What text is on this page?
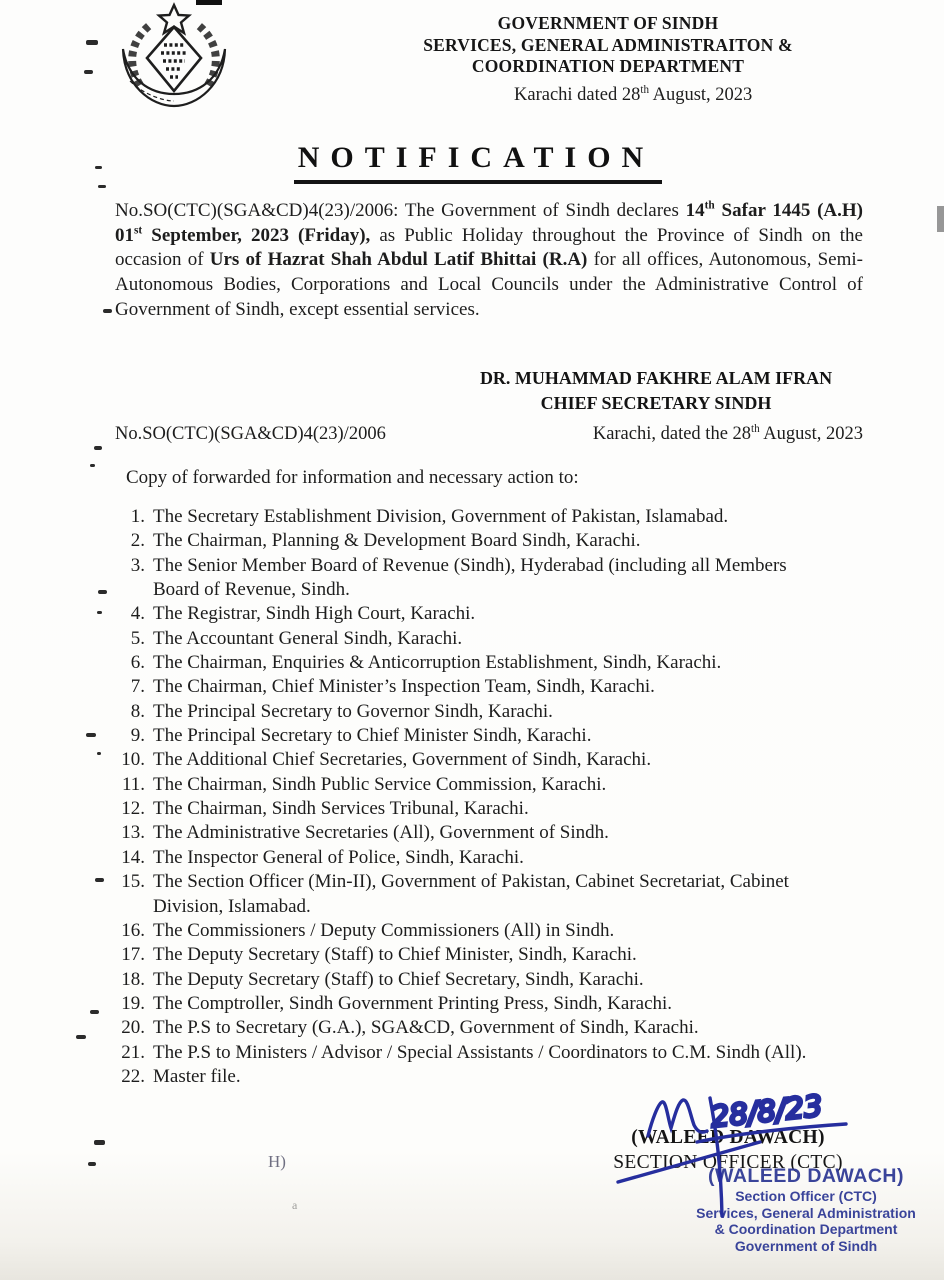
GOVERNMENT OF SINDH
SERVICES, GENERAL ADMINISTRAITON &
COORDINATION DEPARTMENT
Karachi dated 28th August, 2023
NOTIFICATION

No.SO(CTC)(SGA&CD)4(23)/2006: The Government of Sindh declares 14th Safar 1445 (A.H) 01st September, 2023 (Friday), as Public Holiday throughout the Province of Sindh on the occasion of Urs of Hazrat Shah Abdul Latif Bhittai (R.A) for all offices, Autonomous, Semi-Autonomous Bodies, Corporations and Local Councils under the Administrative Control of Government of Sindh, except essential services.

DR. MUHAMMAD FAKHRE ALAM IFRAN
CHIEF SECRETARY SINDH
No.SO(CTC)(SGA&CD)4(23)/2006	Karachi, dated the 28th August, 2023
Copy of forwarded for information and necessary action to:
The Secretary Establishment Division, Government of Pakistan, Islamabad.
The Chairman, Planning & Development Board Sindh, Karachi.
The Senior Member Board of Revenue (Sindh), Hyderabad (including all Members
Board of Revenue, Sindh.
The Registrar, Sindh High Court, Karachi.
The Accountant General Sindh, Karachi.
The Chairman, Enquiries & Anticorruption Establishment, Sindh, Karachi.
The Chairman, Chief Minister’s Inspection Team, Sindh, Karachi.
The Principal Secretary to Governor Sindh, Karachi.
The Principal Secretary to Chief Minister Sindh, Karachi.
The Additional Chief Secretaries, Government of Sindh, Karachi.
The Chairman, Sindh Public Service Commission, Karachi.
The Chairman, Sindh Services Tribunal, Karachi.
The Administrative Secretaries (All), Government of Sindh.
The Inspector General of Police, Sindh, Karachi.
The Section Officer (Min-II), Government of Pakistan, Cabinet Secretariat, Cabinet
Division, Islamabad.
The Commissioners / Deputy Commissioners (All) in Sindh.
The Deputy Secretary (Staff) to Chief Minister, Sindh, Karachi.
The Deputy Secretary (Staff) to Chief Secretary, Sindh, Karachi.
The Comptroller, Sindh Government Printing Press, Sindh, Karachi.
The P.S to Secretary (G.A.), SGA&CD, Government of Sindh, Karachi.
The P.S to Ministers / Advisor / Special Assistants / Coordinators to C.M. Sindh (All).
Master file.
(WALEED DAWACH)
SECTION OFFICER (CTC)
(WALEED DAWACH)
Section Officer (CTC)
Services, General Administration
& Coordination Department
Government of Sindh
28/8/23
H)
a
